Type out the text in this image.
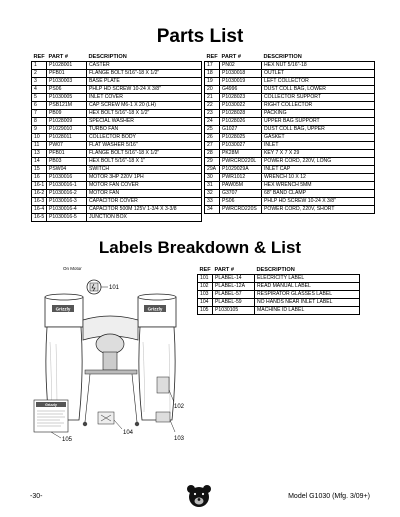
Parts List
REF	PART #	DESCRIPTION
1	P1028001	CASTER
2	PFB01	FLANGE BOLT 5/16"-18 X 1/2"
3	P1030003	BASE PLATE
4	PS06	PHLP HD SCREW 10-24 X 3/8"
5	P1030005	INLET COVER
6	PSB121M	CAP SCREW M6-1 X 20 (LH)
7	PB09	HEX BOLT 5/16"-18 X 1/2"
8	P1028009	SPECIAL WASHER
9	P1029010	TURBO FAN
10	P1028011	COLLECTOR BODY
11	PW07	FLAT WASHER 5/16"
13	PFB01	FLANGE BOLT 5/16"-18 X 1/2"
14	PB03	HEX BOLT 5/16"-18 X 1"
15	PSW04	SWITCH
16	P1030016	MOTOR 3HP 220V 1PH
16-1	P1030016-1	MOTOR FAN COVER
16-2	P1030016-2	MOTOR FAN
16-3	P1030016-3	CAPACITOR COVER
16-4	P1030016-4	CAPACITOR 500M 125V 1-3/4 X 3-3/8
16-5	P1030016-5	JUNCTION BOX
REF	PART #	DESCRIPTION
17	PN02	HEX NUT 5/16"-18
18	P1030018	OUTLET
19	P1030019	LEFT COLLECTOR
20	G4996	DUST COLL BAG, LOWER
21	P1028023	COLLECTOR SUPPORT
22	P1030022	RIGHT COLLECTOR
23	P1028028	PACKING
24	P1028026	UPPER BAG SUPPORT
25	G1027	DUST COLL BAG, UPPER
26	P1028025	GASKET
27	P1030027	INLET
28	PK28M	KEY 7 X 7 X 29
29	PWRCRD220L	POWER CORD, 220V, LONG
29A	P1029029A	INLET CAP
30	PWR1012	WRENCH 10 X 12
31	PAW05M	HEX WRENCH 5MM
32	G3707	68" BAND CLAMP
33	PS06	PHLP HD SCREW 10-24 X 3/8"
34	PWRCRD220S	POWER CORD, 220V, SHORT
Labels Breakdown & List
REF	PART #	DESCRIPTION
101	PLABEL-14	ELECRICITY LABEL
102	PLABEL-12A	READ MANUAL LABEL
103	PLABEL-57	RESPIRATOR GLASSES LABEL
104	PLABEL-59	NO HANDS NEAR INLET LABEL
105	P1030105	MACHINE ID LABEL
On Motor
101
Grizzly	Grizzly
Grizzly
105
104
102
103
-30-	Model G1030 (Mfg. 3/09+)
